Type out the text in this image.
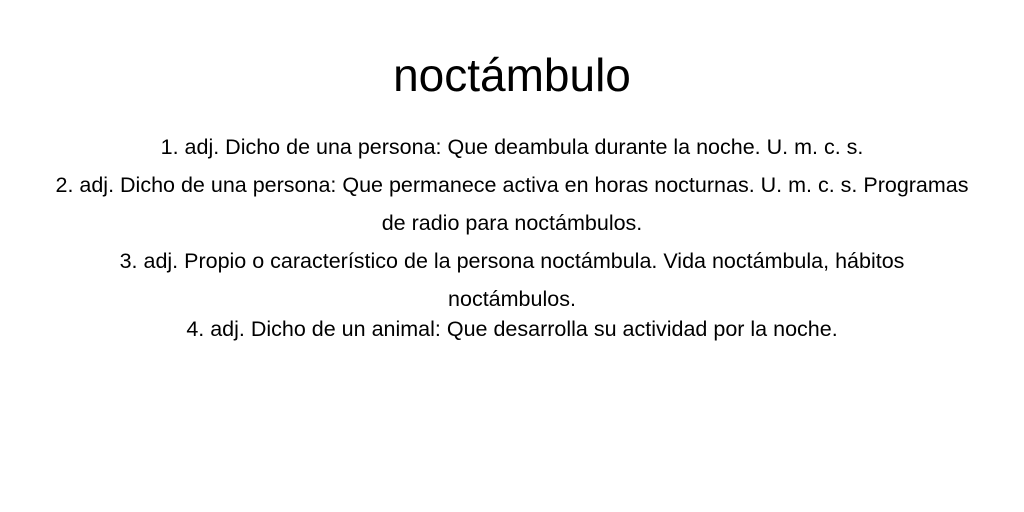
noctámbulo
1. adj. Dicho de una persona: Que deambula durante la noche. U. m. c. s.
2. adj. Dicho de una persona: Que permanece activa en horas nocturnas. U. m. c. s. Programas de radio para noctámbulos.
3. adj. Propio o característico de la persona noctámbula. Vida noctámbula, hábitos noctámbulos.
4. adj. Dicho de un animal: Que desarrolla su actividad por la noche.
